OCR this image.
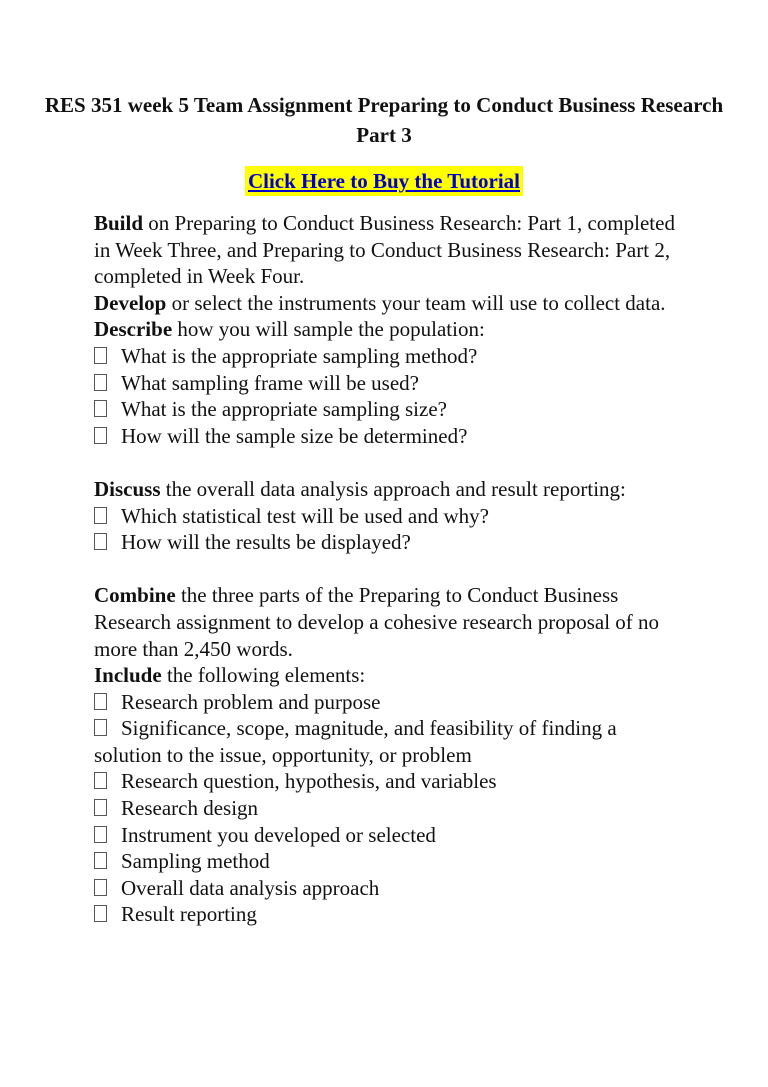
RES 351 week 5 Team Assignment Preparing to Conduct Business Research Part 3
Click Here to Buy the Tutorial

Build on Preparing to Conduct Business Research: Part 1, completed in Week Three, and Preparing to Conduct Business Research: Part 2, completed in Week Four.

Develop or select the instruments your team will use to collect data.

Describe how you will sample the population:

What is the appropriate sampling method?
What sampling frame will be used?
What is the appropriate sampling size?
How will the sample size be determined?

Discuss the overall data analysis approach and result reporting:

Which statistical test will be used and why?
How will the results be displayed?

Combine the three parts of the Preparing to Conduct Business Research assignment to develop a cohesive research proposal of no more than 2,450 words.

Include the following elements:

Research problem and purpose
Significance, scope, magnitude, and feasibility of finding a solution to the issue, opportunity, or problem
Research question, hypothesis, and variables
Research design
Instrument you developed or selected
Sampling method
Overall data analysis approach
Result reporting
